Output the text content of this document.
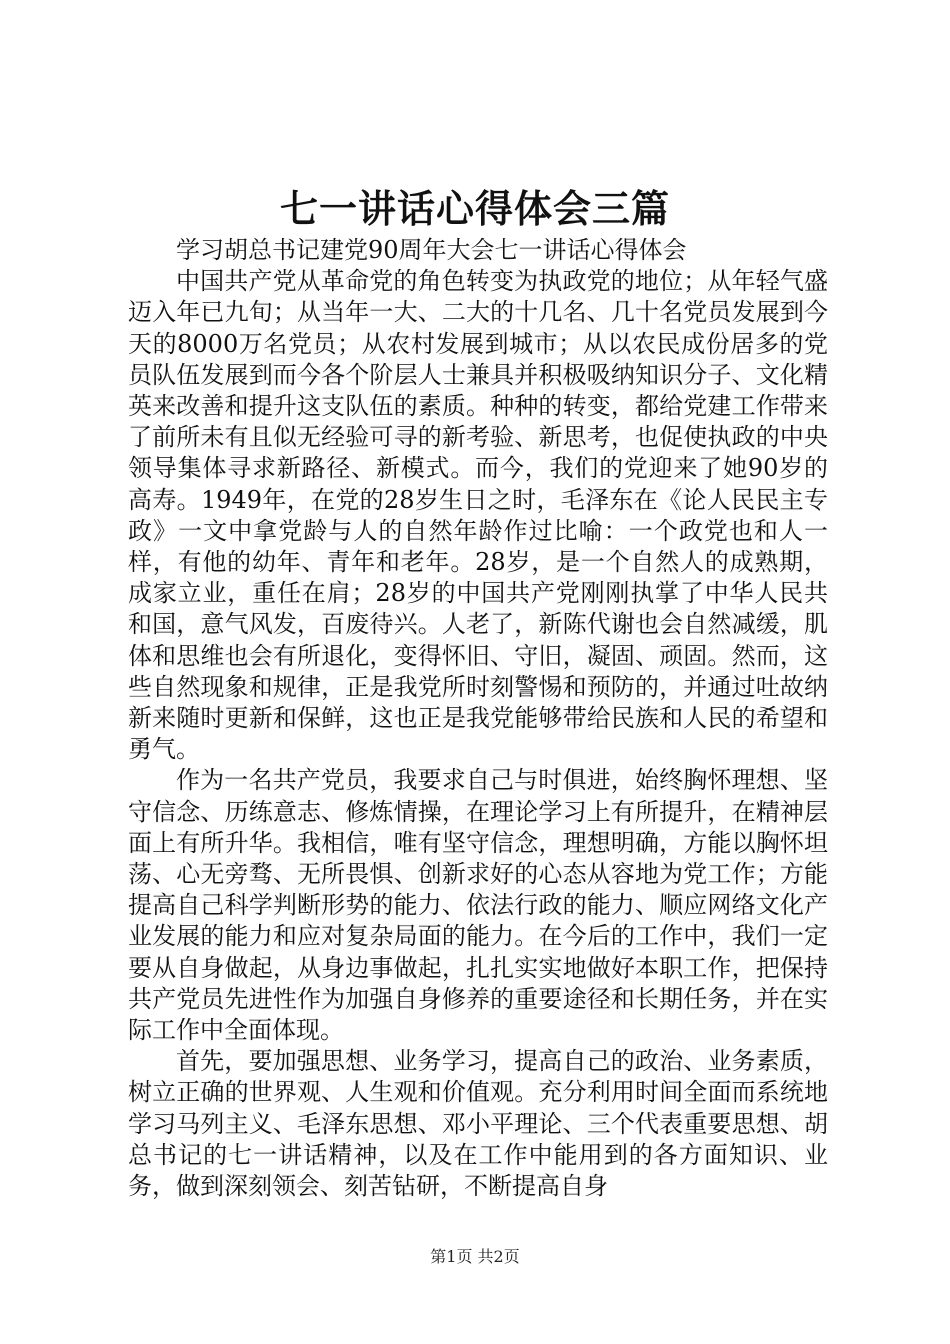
七一讲话心得体会三篇

学习胡总书记建党90周年大会七一讲话心得体会

中国共产党从革命党的角色转变为执政党的地位；从年轻气盛迈入年已九旬；从当年一大、二大的十几名、几十名党员发展到今天的8000万名党员；从农村发展到城市；从以农民成份居多的党员队伍发展到而今各个阶层人士兼具并积极吸纳知识分子、文化精英来改善和提升这支队伍的素质。种种的转变，都给党建工作带来了前所未有且似无经验可寻的新考验、新思考，也促使执政的中央领导集体寻求新路径、新模式。而今，我们的党迎来了她90岁的高寿。1949年，在党的28岁生日之时，毛泽东在《论人民民主专政》一文中拿党龄与人的自然年龄作过比喻：一个政党也和人一样，有他的幼年、青年和老年。28岁，是一个自然人的成熟期，成家立业，重任在肩；28岁的中国共产党刚刚执掌了中华人民共和国，意气风发，百废待兴。人老了，新陈代谢也会自然减缓，肌体和思维也会有所退化，变得怀旧、守旧，凝固、顽固。然而，这些自然现象和规律，正是我党所时刻警惕和预防的，并通过吐故纳新来随时更新和保鲜，这也正是我党能够带给民族和人民的希望和勇气。

作为一名共产党员，我要求自己与时俱进，始终胸怀理想、坚守信念、历练意志、修炼情操，在理论学习上有所提升，在精神层面上有所升华。我相信，唯有坚守信念，理想明确，方能以胸怀坦荡、心无旁骛、无所畏惧、创新求好的心态从容地为党工作；方能提高自己科学判断形势的能力、依法行政的能力、顺应网络文化产业发展的能力和应对复杂局面的能力。在今后的工作中，我们一定要从自身做起，从身边事做起，扎扎实实地做好本职工作，把保持共产党员先进性作为加强自身修养的重要途径和长期任务，并在实际工作中全面体现。

首先，要加强思想、业务学习，提高自己的政治、业务素质，树立正确的世界观、人生观和价值观。充分利用时间全面而系统地学习马列主义、毛泽东思想、邓小平理论、三个代表重要思想、胡总书记的七一讲话精神，以及在工作中能用到的各方面知识、业务，做到深刻领会、刻苦钻研，不断提高自身

第1页 共2页
